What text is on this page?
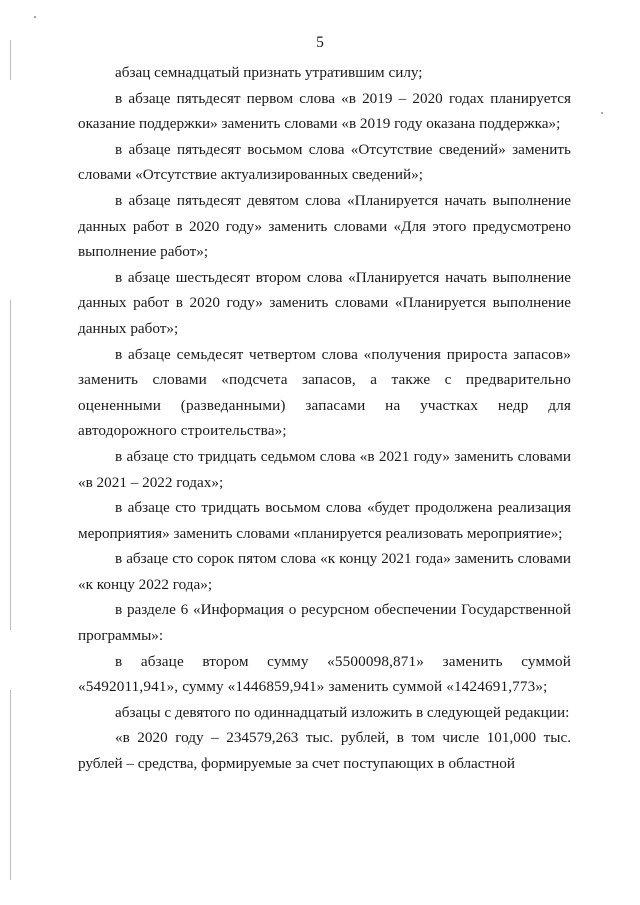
5

абзац семнадцатый признать утратившим силу;

в абзаце пятьдесят первом слова «в 2019 – 2020 годах планируется оказание поддержки» заменить словами «в 2019 году оказана поддержка»;

в абзаце пятьдесят восьмом слова «Отсутствие сведений» заменить словами «Отсутствие актуализированных сведений»;

в абзаце пятьдесят девятом слова «Планируется начать выполнение данных работ в 2020 году» заменить словами «Для этого предусмотрено выполнение работ»;

в абзаце шестьдесят втором слова «Планируется начать выполнение данных работ в 2020 году» заменить словами «Планируется выполнение данных работ»;

в абзаце семьдесят четвертом слова «получения прироста запасов» заменить словами «подсчета запасов, а также с предварительно оцененными (разведанными) запасами на участках недр для автодорожного строительства»;

в абзаце сто тридцать седьмом слова «в 2021 году» заменить словами «в 2021 – 2022 годах»;

в абзаце сто тридцать восьмом слова «будет продолжена реализация мероприятия» заменить словами «планируется реализовать мероприятие»;

в абзаце сто сорок пятом слова «к концу 2021 года» заменить словами «к концу 2022 года»;

в разделе 6 «Информация о ресурсном обеспечении Государственной программы»:

в абзаце втором сумму «5500098,871» заменить суммой «5492011,941», сумму «1446859,941» заменить суммой «1424691,773»;

абзацы с девятого по одиннадцатый изложить в следующей редакции:

«в 2020 году – 234579,263 тыс. рублей, в том числе 101,000 тыс. рублей – средства, формируемые за счет поступающих в областной
